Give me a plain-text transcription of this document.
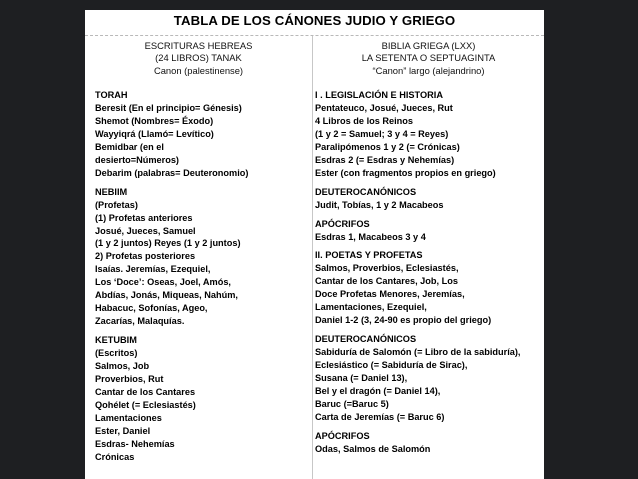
TABLA DE LOS CÁNONES JUDIO Y GRIEGO
ESCRITURAS HEBREAS
(24 LIBROS) TANAK
Canon (palestinense)
BIBLIA GRIEGA (LXX)
LA SETENTA O SEPTUAGINTA
“Canon” largo (alejandrino)
TORAH
Beresit (En el principio= Génesis)
Shemot (Nombres= Éxodo)
Wayyiqrá (Llamó= Levítico)
Bemidbar (en el
desierto=Números)
Debarim (palabras= Deuteronomio)
NEBIIM
(Profetas)
(1) Profetas anteriores
Josué, Jueces, Samuel
(1 y 2 juntos) Reyes (1 y 2 juntos)
2) Profetas posteriores
Isaías. Jeremías, Ezequiel,
Los ‘Doce’: Oseas, Joel, Amós,
Abdías, Jonás, Miqueas, Nahúm,
Habacuc, Sofonías, Ageo,
Zacarías, Malaquías.
KETUBIM
(Escritos)
Salmos, Job
Proverbios, Rut
Cantar de los Cantares
Qohélet (= Eclesiastés)
Lamentaciones
Ester, Daniel
Esdras- Nehemías
Crónicas
I . LEGISLACIÓN E HISTORIA
Pentateuco, Josué, Jueces, Rut
4 Libros de los Reinos
(1 y 2 = Samuel; 3 y 4 = Reyes)
Paralipómenos 1 y 2 (= Crónicas)
Esdras 2 (= Esdras y Nehemías)
Ester (con fragmentos propios en griego)
DEUTEROCANÓNICOS
Judit, Tobías, 1 y 2 Macabeos
APÓCRIFOS
Esdras 1, Macabeos 3 y 4
II. POETAS Y PROFETAS
Salmos, Proverbios, Eclesiastés,
Cantar de los Cantares, Job, Los
Doce Profetas Menores, Jeremías,
Lamentaciones, Ezequiel,
Daniel 1-2 (3, 24-90 es propio del griego)
DEUTEROCANÓNICOS
Sabiduría de Salomón (= Libro de la sabiduría),
Eclesiástico (= Sabiduría de Sirac),
Susana (= Daniel 13),
Bel y el dragón (= Daniel 14),
Baruc (=Baruc 5)
Carta de Jeremías (= Baruc 6)
APÓCRIFOS
Odas, Salmos de Salomón
